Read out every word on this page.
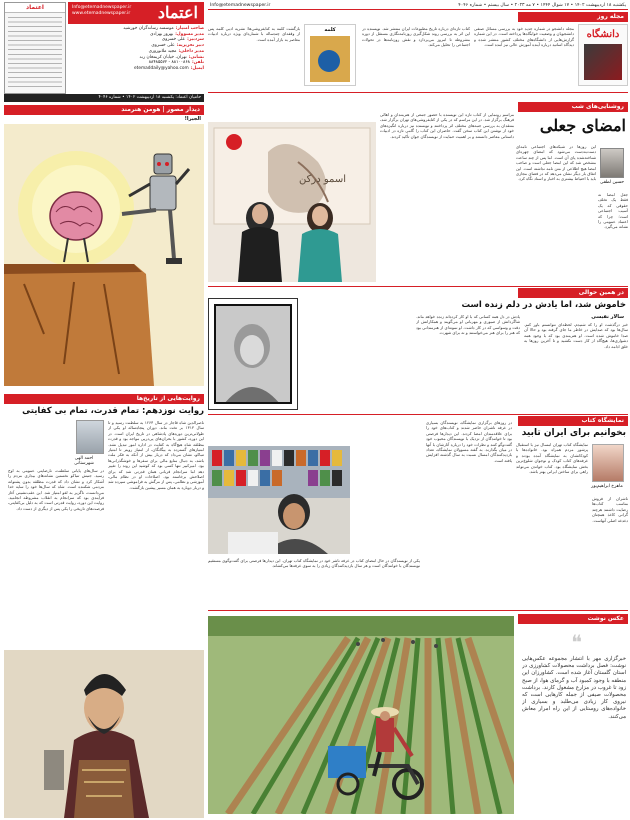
اعتماد	Info@etemadnewspaper.ir
www.etemadnewspaper.ir اعتماد
صاحب امتیاز:
موسسه رسانه‌گران خورشید
مدیر مسوول:
بهروز بهزادی
سردبیر:
علی خسروی
دبیر تحریریه:
علی خسروی
مدیر داخلی:
مجید ملانوروزی
نشانی:
تهران، خیابان کریمخان زند
تلفن:
۸۸۱۰۰۸۶۸ - ۸۸۴۸۵۵۷۲
ایمیل:
etemaddaily@yahoo.com
حامیان اعتماد: یکشنبه ۱۸ اردیبهشت ۱۴۰۲ • شماره ۴۰۴۶
دیدار مصور | هومن هنرمند
الجیرا!
روایت‌هایی از تاریخ‌ها
روایت نوزدهم: تمام قدرت، تمام بی کفایتی
ناصرالدین شاه قاجار در سال ۱۲۶۴ به سلطنت رسید و تا سال ۱۳۱۳ بر تخت ماند. دوران پنجاه‌ساله او یکی از طولانی‌ترین دوره‌های پادشاهی در تاریخ ایران است. در این دوره، کشور با بحران‌های پی‌درپی مواجه بود و قدرت مطلقه شاه هیچ‌گاه به کفایت در اداره امور تبدیل نشد. امتیازهای گسترده به بیگانگان، از امتیاز رویتر تا امتیاز تنباکو، نشان می‌داد که دربار بیش از آنکه به فکر ملت باشد، به دنبال منابع مالی برای سفرها و خوشگذرانی‌ها بود. امیرکبیر تنها کسی بود که کوشید این روند را تغییر دهد اما سرانجام قربانی همان قدرتی شد که برای اصلاحش برخاسته بود. اصلاحات او در نظام مالی، آموزشی و نظامی، پس از مرگش به فراموشی سپرده شد و دربار دوباره به همان مسیر پیشین بازگشت.
احمد الهی شهرستانی
در سال‌های پایانی سلطنت، نارضایتی عمومی به اوج رسید. جنبش تنباکو نخستین نشانه‌های بیداری مردم را آشکار کرد و نشان داد که قدرت مطلقه بدون پشتوانه مردمی شکننده است. شاه که سال‌ها خود را سایه خدا می‌دانست، ناگزیر به لغو امتیاز شد. این عقب‌نشینی آغاز فرآیندی بود که سرانجام به انقلاب مشروطه انجامید. روایت این دوره، روایت قدرتی است که به دلیل بی‌کفایتی، فرصت‌های تاریخی را یکی پس از دیگری از دست داد.
یکشنبه ۱۸ اردیبهشت ۱۴۰۲ • ۱۷ شوال ۱۴۴۴ • ۷ مه ۲۰۲۳ • سال بیستم • شماره ۴۰۴۶
Info@etemadnewspaper.ir
مجله روز
دانشگاه
مجله دانشجو در شماره جدید خود به بررسی مسائل صنفی دانشجویان و وضعیت خوابگاه‌ها پرداخته است. در این شماره گزارش‌هایی از دانشگاه‌های مختلف کشور منتشر شده و دیدگاه اساتید درباره آینده آموزش عالی نیز آمده است.
کتاب تازه‌ای درباره تاریخ مطبوعات ایران منتشر شد. نویسنده در این اثر به بررسی روند شکل‌گیری روزنامه‌نگاری مستقل از دوره مشروطه تا امروز می‌پردازد و نقش روزنامه‌ها در تحولات اجتماعی را تحلیل می‌کند.
کلمه
بازگشت کلمه به کتابفروشی‌ها؛ نشریه ادبی کلمه پس از وقفه‌ای چندساله با شماره‌ای ویژه درباره ادبیات معاصر به بازار آمده است.
روشنایی‌های شب
امضای جعلی
این روزها در شبکه‌های اجتماعی نامه‌ای دست‌به‌دست می‌شود که امضای چهره‌ای شناخته‌شده پای آن است. اما پس از چند ساعت مشخص شد که این امضا جعلی است و صاحب امضا هیچ اطلاعی از متن نامه نداشته است. این اتفاق بار دیگر نشان می‌دهد که در فضای مجازی باید با احتیاط بیشتری به اخبار و اسناد نگاه کرد.
حسین لطفی
جعل امضا نه فقط یک تخلف حقوقی که یک آسیب اجتماعی است؛ چرا که اعتماد عمومی را نشانه می‌گیرد.
مراسم رونمایی از کتاب تازه این نویسنده با حضور جمعی از هنرمندان و اهالی فرهنگ برگزار شد. در این مراسم که در یکی از کتابفروشی‌های تهران برگزار شد، منتقدان به بررسی جنبه‌های مختلف اثر پرداختند و نویسنده نیز درباره انگیزه‌های خود از نوشتن این کتاب سخن گفت. حاضران این کتاب را گامی تازه در ادبیات داستانی معاصر دانستند و بر اهمیت حمایت از نویسندگان جوان تأکید کردند.
اسمو درکن
در همین حوالی
خاموش شد، اما یادش در دلم زنده است
سالار نفیسی
خبر درگذشت او را که شنیدم، لحظه‌ای نتوانستم باور کنم. سال‌ها بود که صدایش در خاطر ما جای گرفته بود و حالا آن صدا خاموش شده است. او هنرمندی بود که با وجود همه دشواری‌ها، هیچ‌گاه از کار دست نکشید و تا آخرین روزها به خلق ادامه داد.
یادش در دل همه کسانی که با او کار کرده‌اند زنده خواهد ماند. شاگردانش از صبوری و مهربانی او می‌گویند و همکارانش از دقت و وسواسی که در کار داشت. او نمونه‌ای از هنرمندانی بود که هنر را برای هنر می‌خواستند و نه برای شهرت.
نمایشگاه کتاب
بخوانیم برای ایران تابید
ماهرخ ابراهیم‌پور
نمایشگاه کتاب تهران امسال نیز با استقبال پرشور مردم همراه بود. خانواده‌ها با کودکانشان به نمایشگاه آمده بودند و غرفه‌های کتاب کودک و نوجوان شلوغ‌ترین بخش نمایشگاه بود. کتاب خواندن می‌تواند راهی برای ساختن ایرانی بهتر باشد.
ناشران از فروش مناسب کتاب‌ها رضایت داشتند هرچند گرانی کاغذ همچنان دغدغه اصلی آنهاست.
در روزهای برگزاری نمایشگاه، نویسندگان بسیاری در غرفه ناشران حاضر شدند و کتاب‌های خود را برای علاقه‌مندان امضا کردند. این دیدارها فرصتی بود تا خوانندگان از نزدیک با نویسندگان محبوب خود گفت‌وگو کنند و نظرات خود را درباره آثارشان با آنها در میان بگذارند. به گفته مسوولان نمایشگاه، تعداد بازدیدکنندگان امسال نسبت به سال گذشته افزایش یافته است.
یکی از نویسندگان در حال امضای کتاب در غرفه ناشر خود در نمایشگاه کتاب تهران. این دیدارها فرصتی برای گفت‌وگوی مستقیم نویسندگان با خوانندگان است و هر سال بازدیدکنندگان زیادی را به سوی غرفه‌ها می‌کشاند.
عکس نوشت
❝
خبرگزاری مهر با انتشار مجموعه عکس‌هایی نوشت: فصل برداشت محصولات کشاورزی در استان گلستان آغاز شده است. کشاورزان این منطقه با وجود کمبود آب و گرمای هوا، از صبح زود تا غروب در مزارع مشغول کارند. برداشت محصولات صیفی از جمله کارهایی است که نیروی کار زیادی می‌طلبد و بسیاری از خانواده‌های روستایی از این راه امرار معاش می‌کنند.
